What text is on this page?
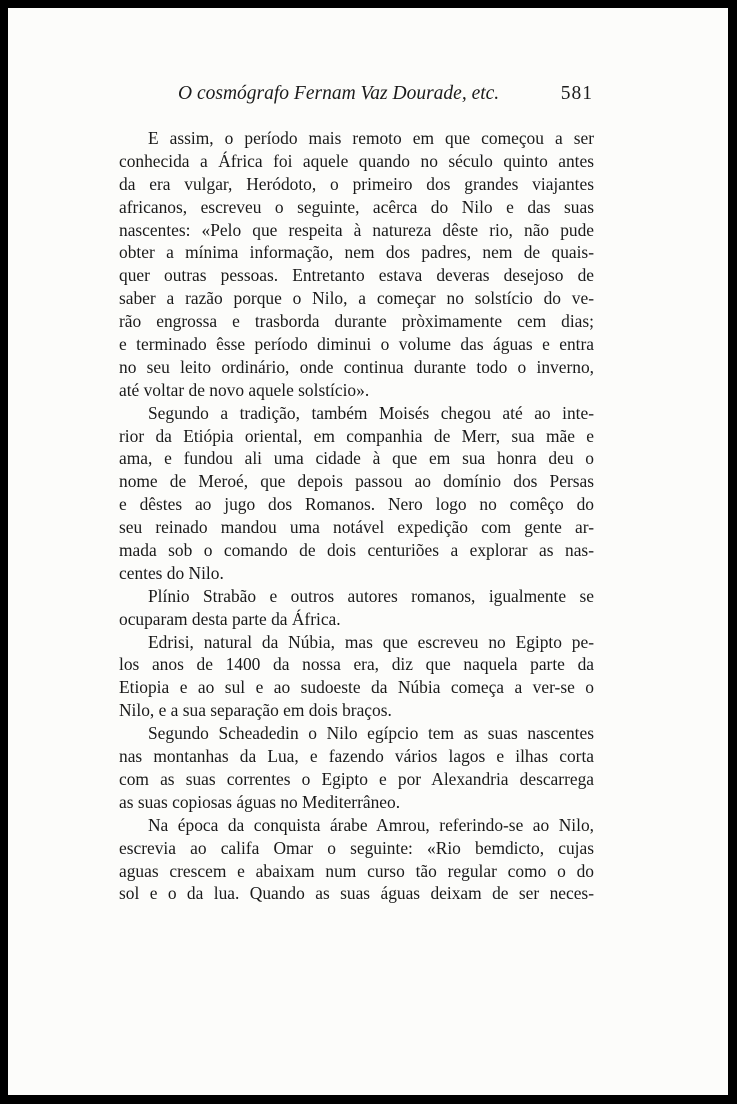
O cosmógrafo Fernam Vaz Dourade, etc.	581
E assim, o período mais remoto em que começou a ser
conhecida a África foi aquele quando no século quinto antes
da era vulgar, Heródoto, o primeiro dos grandes viajantes
africanos, escreveu o seguinte, acêrca do Nilo e das suas
nascentes: «Pelo que respeita à natureza dêste rio, não pude
obter a mínima informação, nem dos padres, nem de quais-
quer outras pessoas. Entretanto estava deveras desejoso de
saber a razão porque o Nilo, a começar no solstício do ve-
rão engrossa e trasborda durante pròximamente cem dias;
e terminado êsse período diminui o volume das águas e entra
no seu leito ordinário, onde continua durante todo o inverno,
até voltar de novo aquele solstício».
Segundo a tradição, também Moisés chegou até ao inte-
rior da Etiópia oriental, em companhia de Merr, sua mãe e
ama, e fundou ali uma cidade à que em sua honra deu o
nome de Meroé, que depois passou ao domínio dos Persas
e dêstes ao jugo dos Romanos. Nero logo no comêço do
seu reinado mandou uma notável expedição com gente ar-
mada sob o comando de dois centuriões a explorar as nas-
centes do Nilo.
Plínio Strabão e outros autores romanos, igualmente se
ocuparam desta parte da África.
Edrisi, natural da Núbia, mas que escreveu no Egipto pe-
los anos de 1400 da nossa era, diz que naquela parte da
Etiopia e ao sul e ao sudoeste da Núbia começa a ver-se o
Nilo, e a sua separação em dois braços.
Segundo Scheadedin o Nilo egípcio tem as suas nascentes
nas montanhas da Lua, e fazendo vários lagos e ilhas corta
com as suas correntes o Egipto e por Alexandria descarrega
as suas copiosas águas no Mediterrâneo.
Na época da conquista árabe Amrou, referindo-se ao Nilo,
escrevia ao califa Omar o seguinte: «Rio bemdicto, cujas
aguas crescem e abaixam num curso tão regular como o do
sol e o da lua. Quando as suas águas deixam de ser neces-
